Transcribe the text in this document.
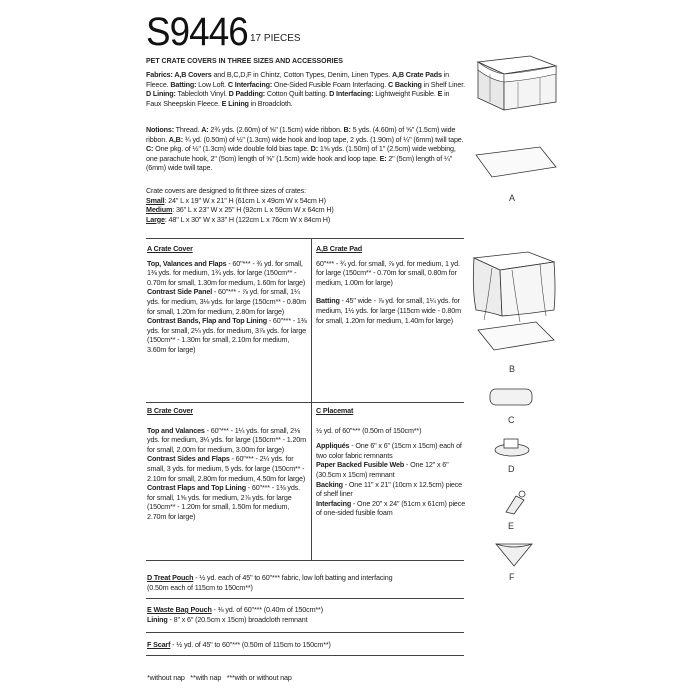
S9446 17 PIECES
PET CRATE COVERS IN THREE SIZES AND ACCESSORIES
Fabrics: A,B Covers and B,C,D,F in Chintz, Cotton Types, Denim, Linen Types. A,B Crate Pads in Fleece. Batting: Low Loft. C Interfacing: One-Sided Fusible Foam Interfacing. C Backing in Shelf Liner. D Lining: Tablecloth Vinyl. D Padding: Cotton Quilt batting. D Interfacing: Lightweight Fusible. E in Faux Sheepskin Fleece. E Lining in Broadcloth.
Notions: Thread. A: 2¾ yds. (2.60m) of ⅝" (1.5cm) wide ribbon. B: 5 yds. (4.60m) of ⅝" (1.5cm) wide ribbon. A,B: ¾ yd. (0.50m) of ½" (1.3cm) wide hook and loop tape, 2 yds. (1.90m) of ¼" (6mm) twill tape. C: One pkg. of ½" (1.3cm) wide double fold bias tape. D: 1⅝ yds. (1.50m) of 1" (2.5cm) wide webbing, one parachute hook, 2" (5cm) length of ⅝" (1.5cm) wide hook and loop tape. E: 2" (5cm) length of ¼" (6mm) wide twill tape.
A

Crate covers are designed to fit three sizes of crates:

Small: 24" L x 19" W x 21" H (61cm L x 49cm W x 54cm H)

Medium: 36" L x 23" W x 25" H (92cm L x 59cm W x 64cm H)

Large: 48" L x 30" W x 33" H (122cm L x 76cm W x 84cm H)

A Crate Cover

Top, Valances and Flaps - 60"*** - ¾ yd. for small, 1⅜ yds. for medium, 1¾ yds. for large (150cm** - 0.70m for small, 1.30m for medium, 1.60m for large)

Contrast Side Panel - 60"*** - ⅞ yd. for small, 1¼ yds. for medium, 3⅛ yds. for large (150cm** - 0.80m for small, 1.20m for medium, 2.80m for large)

Contrast Bands, Flap and Top Lining - 60"*** - 1⅜ yds. for small, 2¼ yds. for medium, 3⅞ yds. for large (150cm** - 1.30m for small, 2.10m for medium, 3.60m for large)

A,B Crate Pad

60"*** - ¾ yd. for small, ⅞ yd. for medium, 1 yd. for large (150cm** - 0.70m for small, 0.80m for medium, 1.00m for large)

Batting - 45" wide - ⅞ yd. for small, 1¼ yds. for medium, 1½ yds. for large (115cm wide - 0.80m for small, 1.20m for medium, 1.40m for large)

B Crate Cover

Top and Valances - 60"*** - 1¼ yds. for small, 2⅛ yds. for medium, 3¼ yds. for large (150cm** - 1.20m for small, 2.00m for medium, 3.00m for large)

Contrast Sides and Flaps - 60"*** - 2¼ yds. for small, 3 yds. for medium, 5 yds. for large (150cm** - 2.10m for small, 2.80m for medium, 4.50m for large)

Contrast Flaps and Top Lining - 60"*** - 1⅜ yds. for small, 1⅝ yds. for medium, 2⅞ yds. for large (150cm** - 1.20m for small, 1.50m for medium, 2.70m for large)

C Placemat

½ yd. of 60"*** (0.50m of 150cm**)

Appliqués - One 6" x 6" (15cm x 15cm) each of two color fabric remnants

Paper Backed Fusible Web - One 12" x 6" (30.5cm x 15cm) remnant

Backing - One 11" x 21" (10cm x 12.5cm) piece of shelf liner

Interfacing - One 20" x 24" (51cm x 61cm) piece of one-sided fusible foam

D Treat Pouch - ½ yd. each of 45" to 60"*** fabric, low loft batting and interfacing

(0.50m each of 115cm to 150cm**)

E Waste Bag Pouch - ⅜ yd. of 60"*** (0.40m of 150cm**)

Lining - 8" x 6" (20.5cm x 15cm) broadcloth remnant

F Scarf - ½ yd. of 45" to 60"*** (0.50m of 115cm to 150cm**)

*without nap   **with nap   ***with or without nap
B
C
D
E
F
